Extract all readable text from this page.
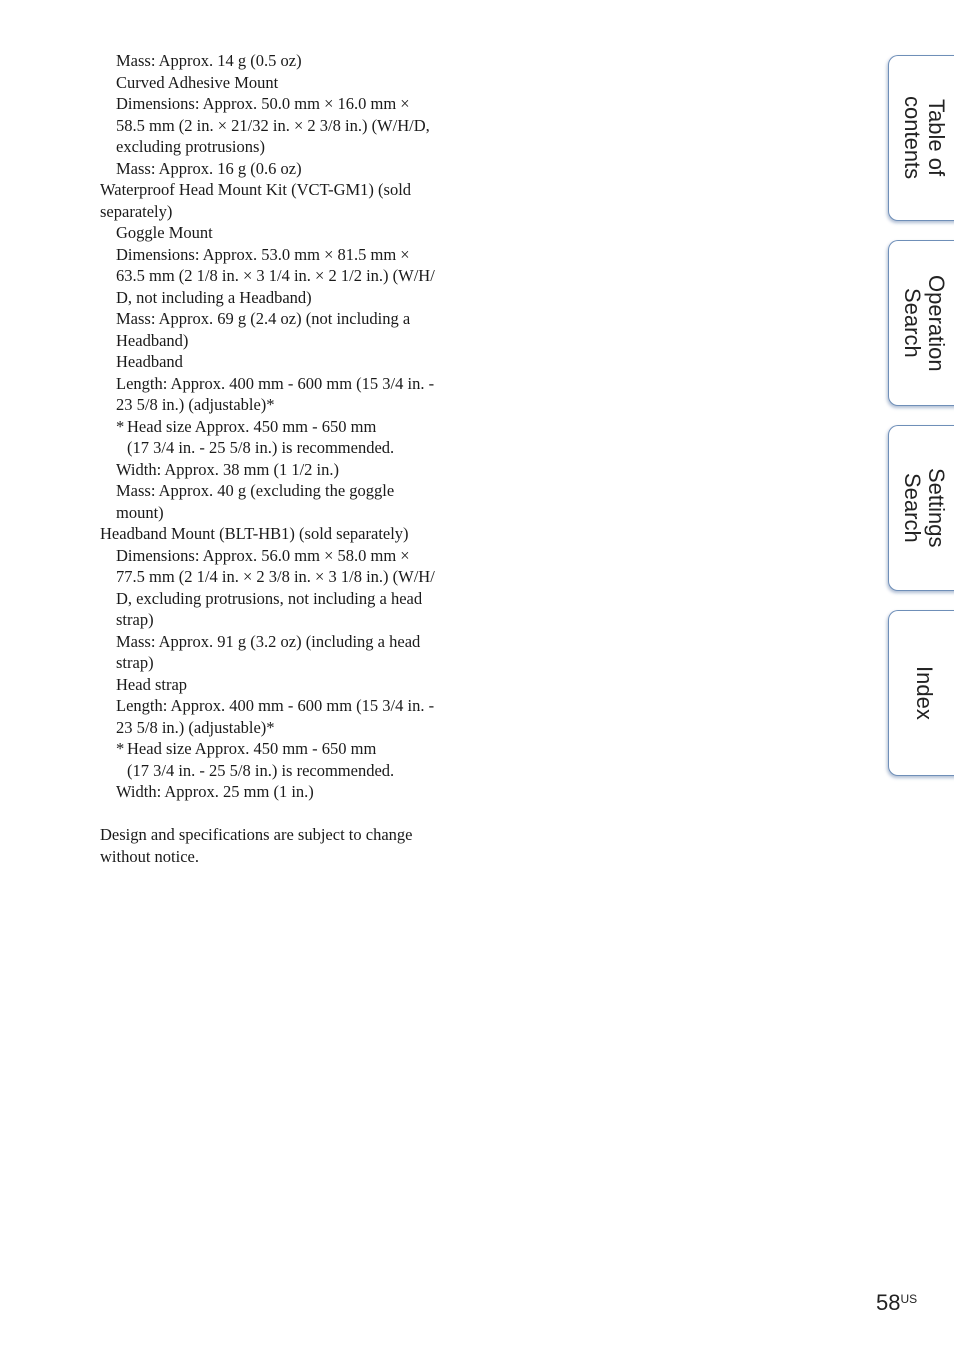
Mass: Approx. 14 g (0.5 oz)
Curved Adhesive Mount
Dimensions: Approx. 50.0 mm × 16.0 mm ×
58.5 mm (2 in. × 21/32 in. × 2 3/8 in.) (W/H/D,
excluding protrusions)
Mass: Approx. 16 g (0.6 oz)
Waterproof Head Mount Kit (VCT-GM1) (sold
separately)
Goggle Mount
Dimensions: Approx. 53.0 mm × 81.5 mm ×
63.5 mm (2 1/8 in. × 3 1/4 in. × 2 1/2 in.) (W/H/
D, not including a Headband)
Mass: Approx. 69 g (2.4 oz) (not including a
Headband)
Headband
Length: Approx. 400 mm - 600 mm (15 3/4 in. -
23 5/8 in.) (adjustable)*
* Head size Approx. 450 mm - 650 mm
(17 3/4 in. - 25 5/8 in.) is recommended.
Width: Approx. 38 mm (1 1/2 in.)
Mass: Approx. 40 g (excluding the goggle
mount)
Headband Mount (BLT-HB1) (sold separately)
Dimensions: Approx. 56.0 mm × 58.0 mm ×
77.5 mm (2 1/4 in. × 2 3/8 in. × 3 1/8 in.) (W/H/
D, excluding protrusions, not including a head
strap)
Mass: Approx. 91 g (3.2 oz) (including a head
strap)
Head strap
Length: Approx. 400 mm - 600 mm (15 3/4 in. -
23 5/8 in.) (adjustable)*
* Head size Approx. 450 mm - 650 mm
(17 3/4 in. - 25 5/8 in.) is recommended.
Width: Approx. 25 mm (1 in.)
Design and specifications are subject to change
without notice.
Table of
contents
Operation
Search
Settings
Search
Index
$58^{US}$
